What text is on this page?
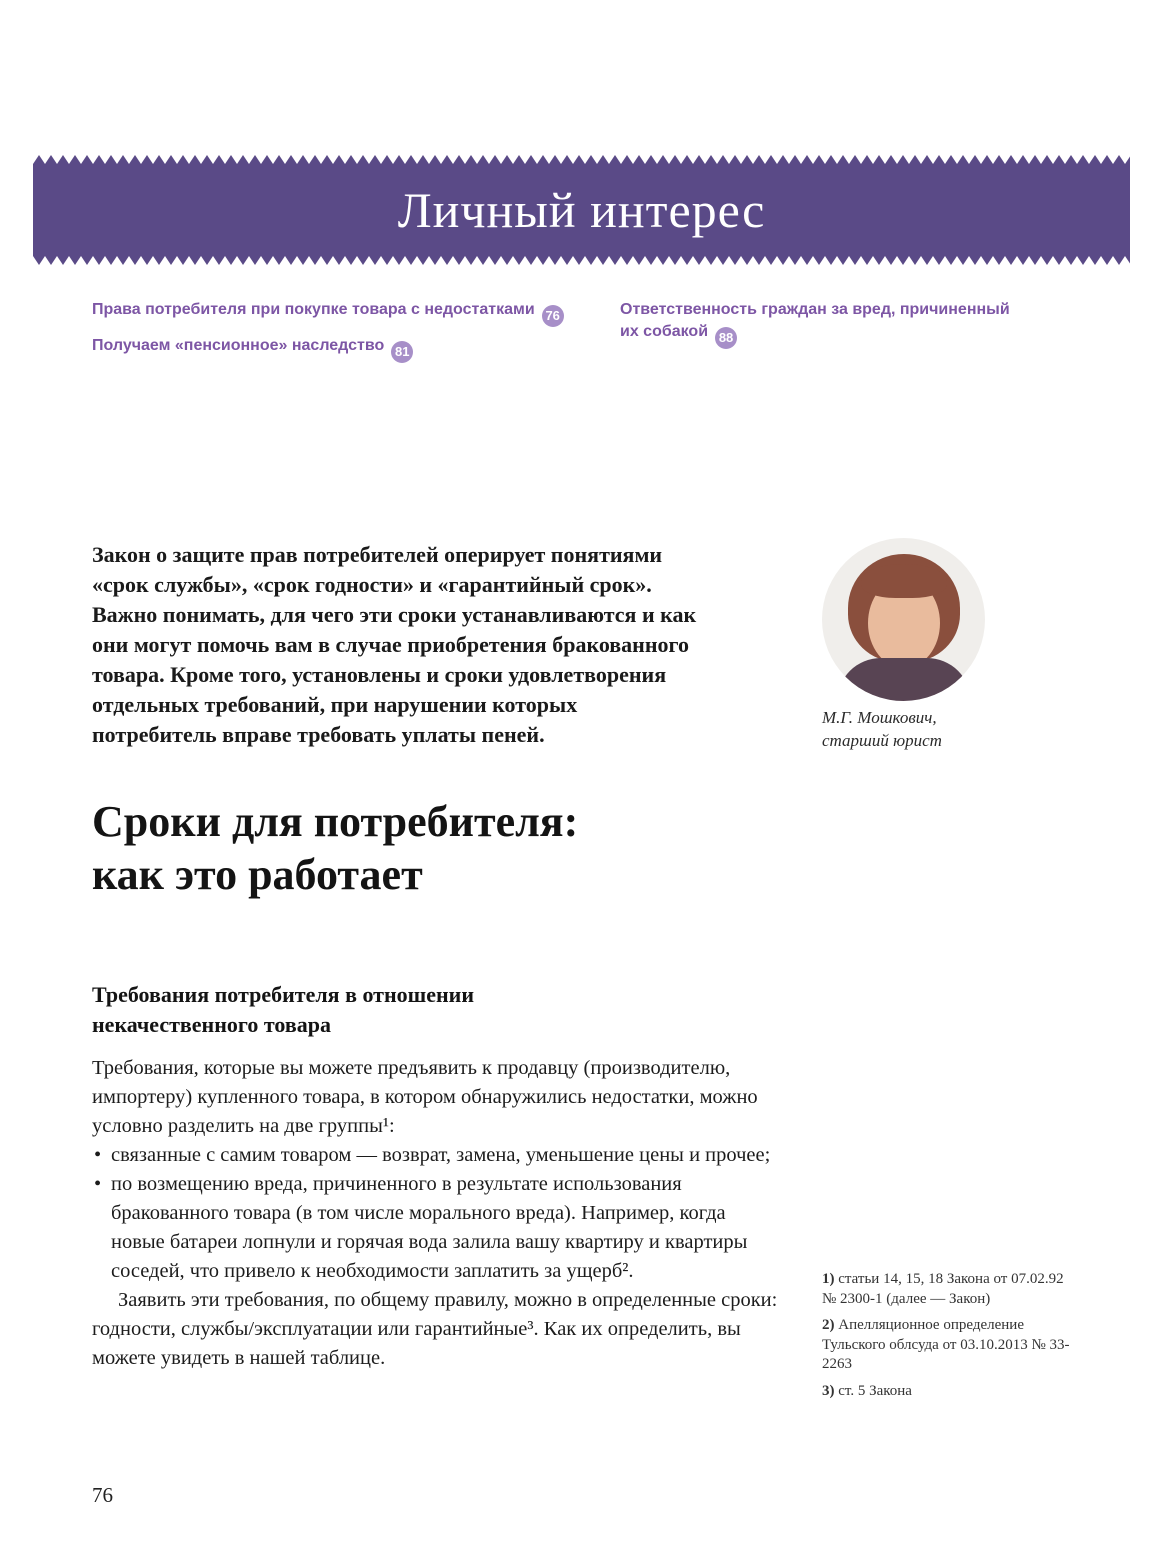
Личный интерес
Права потребителя при покупке товара с недостатками 76
Получаем «пенсионное» наследство 81
Ответственность граждан за вред, причиненный их собакой 88
Закон о защите прав потребителей оперирует понятиями «срок службы», «срок годности» и «гарантийный срок». Важно понимать, для чего эти сроки устанавливаются и как они могут помочь вам в случае приобретения бракованного товара. Кроме того, установлены и сроки удовлетворения отдельных требований, при нарушении которых потребитель вправе требовать уплаты пеней.
М.Г. Мошкович,
старший юрист
Сроки для потребителя: как это работает
Требования потребителя в отношении некачественного товара

Требования, которые вы можете предъявить к продавцу (производителю, импортеру) купленного товара, в котором обнаружились недостатки, можно условно разделить на две группы¹:

• связанные с самим товаром — возврат, замена, уменьшение цены и прочее;
• по возмещению вреда, причиненного в результате использования бракованного товара (в том числе морального вреда). Например, когда новые батареи лопнули и горячая вода залила вашу квартиру и квартиры соседей, что привело к необходимости заплатить за ущерб².

Заявить эти требования, по общему правилу, можно в определенные сроки: годности, службы/эксплуатации или гарантийные³. Как их определить, вы можете увидеть в нашей таблице.

1) статьи 14, 15, 18 Закона от 07.02.92 № 2300-1 (далее — Закон)
2) Апелляционное определение Тульского облсуда от 03.10.2013 № 33-2263
3) ст. 5 Закона
76
